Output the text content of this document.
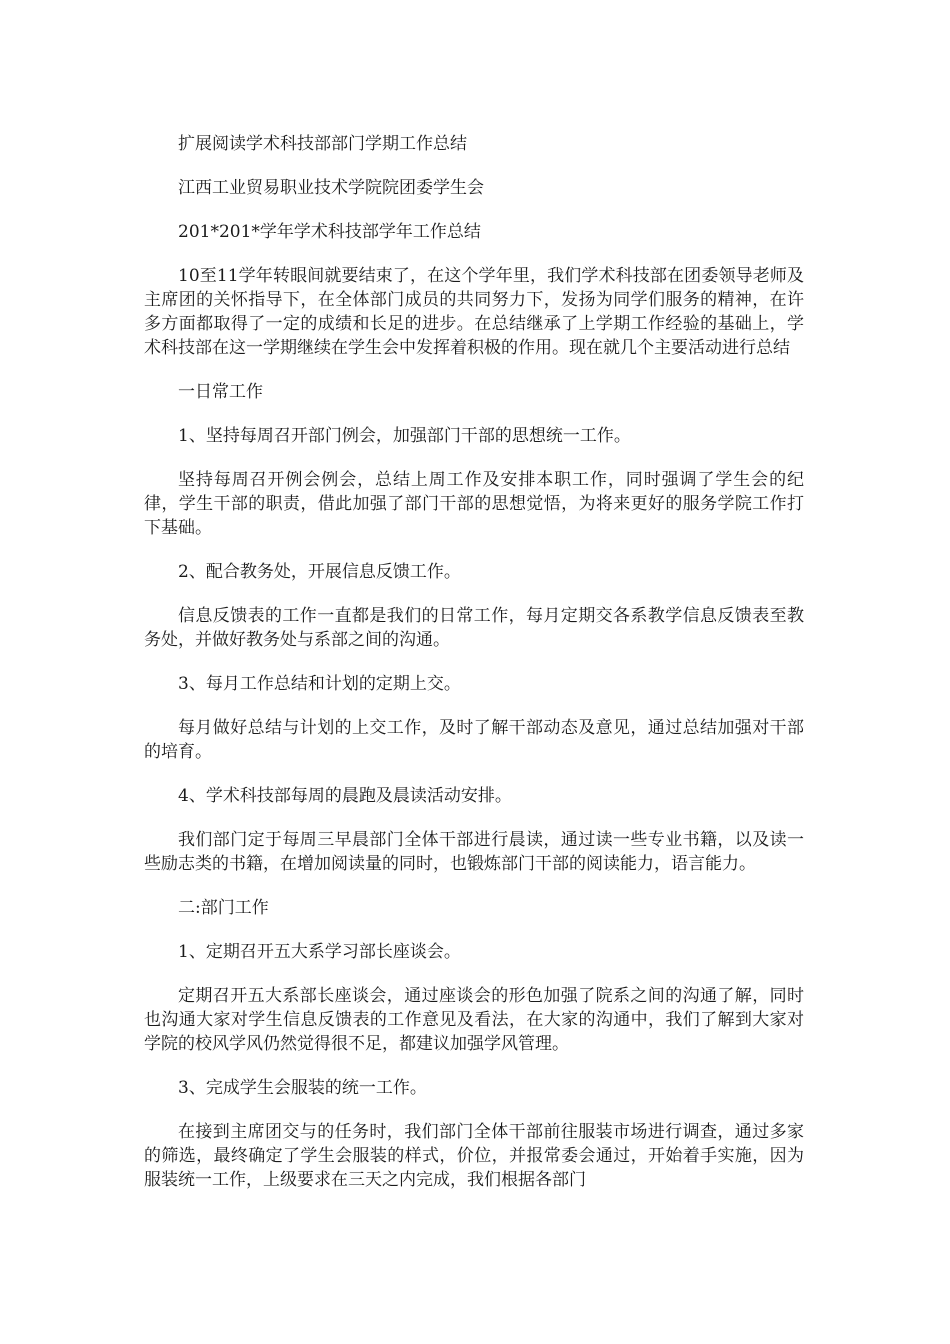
扩展阅读学术科技部部门学期工作总结

江西工业贸易职业技术学院院团委学生会

201*201*学年学术科技部学年工作总结

10至11学年转眼间就要结束了，在这个学年里，我们学术科技部在团委领导老师及主席团的关怀指导下，在全体部门成员的共同努力下，发扬为同学们服务的精神，在许多方面都取得了一定的成绩和长足的进步。在总结继承了上学期工作经验的基础上，学术科技部在这一学期继续在学生会中发挥着积极的作用。现在就几个主要活动进行总结

一日常工作

1、坚持每周召开部门例会，加强部门干部的思想统一工作。

坚持每周召开例会例会，总结上周工作及安排本职工作，同时强调了学生会的纪律，学生干部的职责，借此加强了部门干部的思想觉悟，为将来更好的服务学院工作打下基础。

2、配合教务处，开展信息反馈工作。

信息反馈表的工作一直都是我们的日常工作，每月定期交各系教学信息反馈表至教务处，并做好教务处与系部之间的沟通。

3、每月工作总结和计划的定期上交。

每月做好总结与计划的上交工作，及时了解干部动态及意见，通过总结加强对干部的培育。

4、学术科技部每周的晨跑及晨读活动安排。

我们部门定于每周三早晨部门全体干部进行晨读，通过读一些专业书籍，以及读一些励志类的书籍，在增加阅读量的同时，也锻炼部门干部的阅读能力，语言能力。

二:部门工作

1、定期召开五大系学习部长座谈会。

定期召开五大系部长座谈会，通过座谈会的形色加强了院系之间的沟通了解，同时也沟通大家对学生信息反馈表的工作意见及看法，在大家的沟通中，我们了解到大家对学院的校风学风仍然觉得很不足，都建议加强学风管理。

3、完成学生会服装的统一工作。

在接到主席团交与的任务时，我们部门全体干部前往服装市场进行调查，通过多家的筛选，最终确定了学生会服装的样式，价位，并报常委会通过，开始着手实施，因为服装统一工作，上级要求在三天之内完成，我们根据各部门
